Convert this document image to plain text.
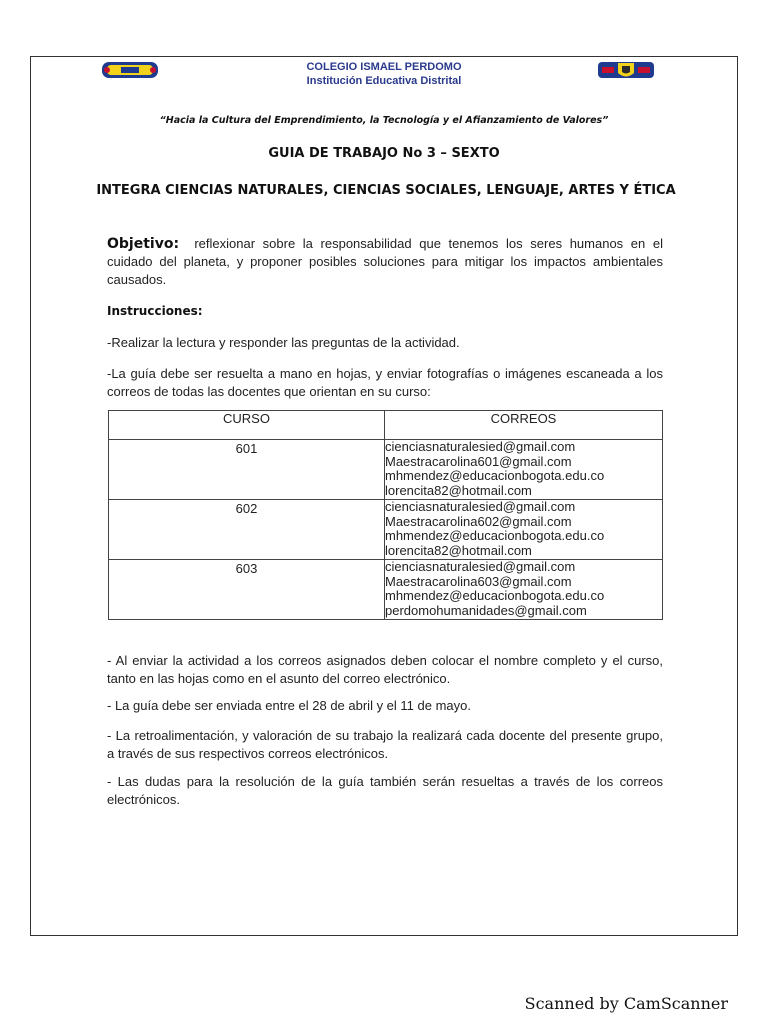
COLEGIO ISMAEL PERDOMO
Institución Educativa Distrital
“Hacia la Cultura del Emprendimiento, la Tecnología y el Afianzamiento de Valores”
GUIA DE TRABAJO No 3 – SEXTO
INTEGRA CIENCIAS NATURALES, CIENCIAS SOCIALES, LENGUAJE, ARTES Y ÉTICA
Objetivo: reflexionar sobre la responsabilidad que tenemos los seres humanos en el cuidado del planeta, y proponer posibles soluciones para mitigar los impactos ambientales causados.
Instrucciones:
-Realizar la lectura y responder las preguntas de la actividad.
-La guía debe ser resuelta a mano en hojas, y enviar fotografías o imágenes escaneada a los correos de todas las docentes que orientan en su curso:
CURSO	CORREOS
601	cienciasnaturalesied@gmail.com
Maestracarolina601@gmail.com
mhmendez@educacionbogota.edu.co
lorencita82@hotmail.com

602	cienciasnaturalesied@gmail.com
Maestracarolina602@gmail.com
mhmendez@educacionbogota.edu.co
lorencita82@hotmail.com

603	cienciasnaturalesied@gmail.com
Maestracarolina603@gmail.com
mhmendez@educacionbogota.edu.co
perdomohumanidades@gmail.com
- Al enviar la actividad a los correos asignados deben colocar el nombre completo y el curso, tanto en las hojas como en el asunto del correo electrónico.
- La guía debe ser enviada entre el 28 de abril y el 11 de mayo.
- La retroalimentación, y valoración de su trabajo la realizará cada docente del presente grupo, a través de sus respectivos correos electrónicos.
- Las dudas para la resolución de la guía también serán resueltas a través de los correos electrónicos.
Scanned by CamScanner
